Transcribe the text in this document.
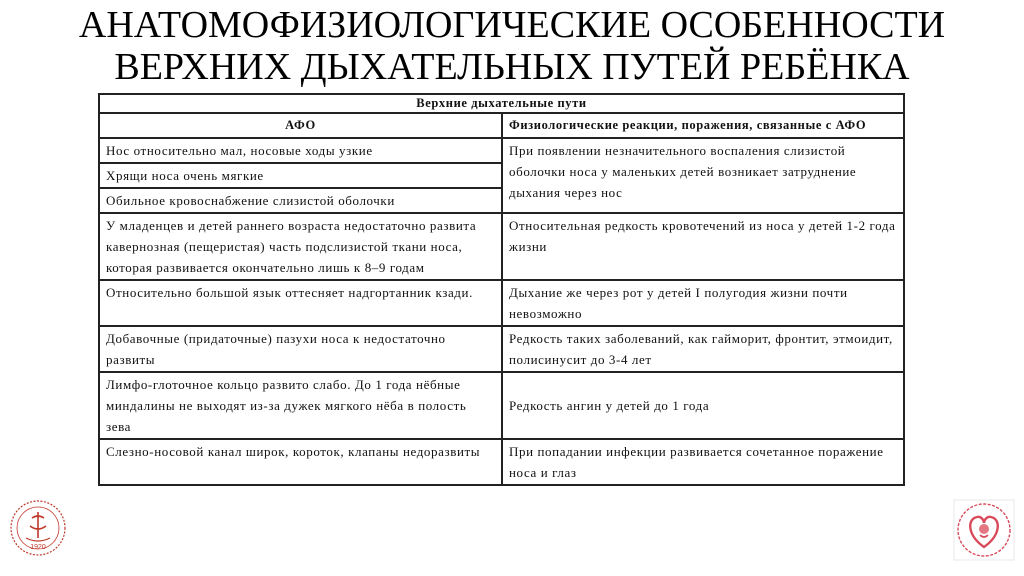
АНАТОМОФИЗИОЛОГИЧЕСКИЕ ОСОБЕННОСТИ
ВЕРХНИХ ДЫХАТЕЛЬНЫХ ПУТЕЙ РЕБЁНКА
Верхние дыхательные пути	
АФО	Физиологические реакции, поражения, связанные с АФО
Нос относительно мал, носовые ходы узкие	При появлении незначительного воспаления слизистой оболочки носа у маленьких детей возникает затруднение дыхания через нос
Хрящи носа очень мягкие	
Обильное кровоснабжение слизистой оболочки	
У младенцев и детей раннего возраста недостаточно развита кавернозная (пещеристая) часть подслизистой ткани носа, которая развивается окончательно лишь к 8–9 годам	Относительная редкость кровотечений из носа у детей 1-2 года жизни
Относительно большой язык оттесняет надгортанник кзади.	Дыхание же через рот у детей I полугодия жизни почти невозможно
Добавочные (придаточные) пазухи носа к недостаточно развиты	Редкость таких заболеваний, как гайморит, фронтит, этмоидит, полисинусит до 3-4 лет
Лимфо-глоточное кольцо развито слабо. До 1 года нёбные миндалины не выходят из-за дужек мягкого нёба в полость зева	Редкость ангин у детей до 1 года
Слезно-носовой канал широк, короток, клапаны недоразвиты	При попадании инфекции развивается сочетанное поражение носа и глаз
1920
